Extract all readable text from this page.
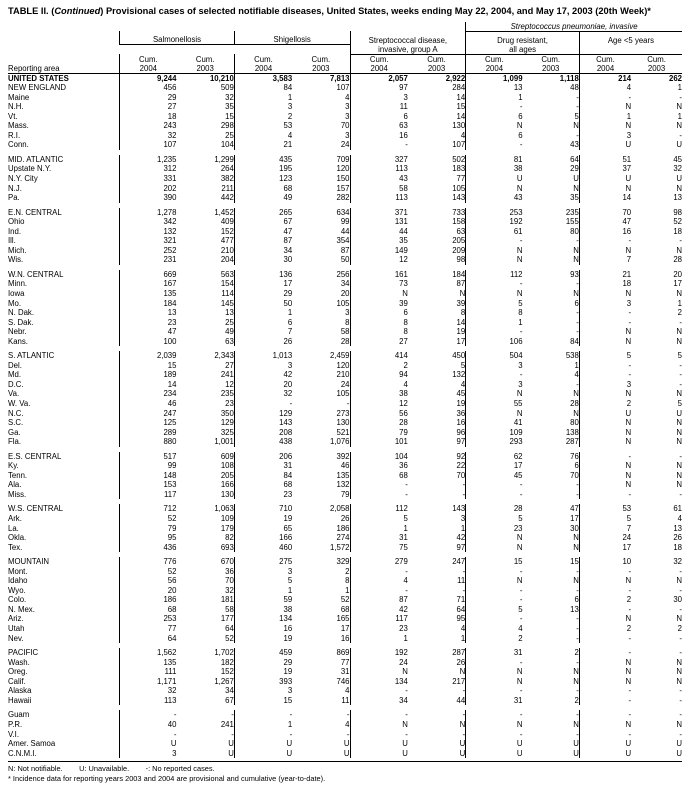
TABLE II. (Continued) Provisional cases of selected notifiable diseases, United States, weeks ending May 22, 2004, and May 17, 2003 (20th Week)*
							Streptococcus pneumoniae, invasive			
	Salmonellosis		Shigellosis		Streptococcal disease,		Drug resistant,		Age <5 years	
					invasive, group A		all ages			
	Cum.	Cum.	Cum.	Cum.	Cum.	Cum.	Cum.	Cum.	Cum.	Cum.
Reporting area	2004	2003	2004	2003	2004	2003	2004	2003	2004	2003
UNITED STATES	9,244	10,210	3,583	7,813	2,057	2,922	1,099	1,118	214	262
NEW ENGLAND	456	509	84	107	97	284	13	48	4	1
Maine	29	32	1	4	3	14	1	-	-	-
N.H.	27	35	3	3	11	15	-	-	N	N
Vt.	18	15	2	3	6	14	6	5	1	1
Mass.	243	298	53	70	63	130	N	N	N	N
R.I.	32	25	4	3	16	4	6	-	3	-
Conn.	107	104	21	24	-	107	-	43	U	U

MID. ATLANTIC	1,235	1,299	435	709	327	502	81	64	51	45
Upstate N.Y.	312	264	195	120	113	183	38	29	37	32
N.Y. City	331	382	123	150	43	77	U	U	U	U
N.J.	202	211	68	157	58	105	N	N	N	N
Pa.	390	442	49	282	113	143	43	35	14	13

E.N. CENTRAL	1,278	1,452	265	634	371	733	253	235	70	98
Ohio	342	409	67	99	131	158	192	155	47	52
Ind.	132	152	47	44	44	63	61	80	16	18
Ill.	321	477	87	354	35	205	-	-	-	-
Mich.	252	210	34	87	149	209	N	N	N	N
Wis.	231	204	30	50	12	98	N	N	7	28

W.N. CENTRAL	669	563	136	256	161	184	112	93	21	20
Minn.	167	154	17	34	73	87	-	-	18	17
Iowa	135	114	29	20	N	N	N	N	N	N
Mo.	184	145	50	105	39	39	5	6	3	1
N. Dak.	13	13	1	3	6	8	8	-	-	2
S. Dak.	23	25	6	8	8	14	1	-	-	-
Nebr.	47	49	7	58	8	19	-	-	N	N
Kans.	100	63	26	28	27	17	106	84	N	N

S. ATLANTIC	2,039	2,343	1,013	2,459	414	450	504	538	5	5
Del.	15	27	3	120	2	5	3	1	-	-
Md.	189	241	42	210	94	132	-	4	-	-
D.C.	14	12	20	24	4	4	3	-	3	-
Va.	234	235	32	105	38	45	N	N	N	N
W. Va.	46	23	-	-	12	19	55	28	2	5
N.C.	247	350	129	273	56	36	N	N	U	U
S.C.	125	129	143	130	28	16	41	80	N	N
Ga.	289	325	208	521	79	96	109	138	N	N
Fla.	880	1,001	438	1,076	101	97	293	287	N	N

E.S. CENTRAL	517	609	206	392	104	92	62	76	-	-
Ky.	99	108	31	46	36	22	17	6	N	N
Tenn.	148	205	84	135	68	70	45	70	N	N
Ala.	153	166	68	132	-	-	-	-	N	N
Miss.	117	130	23	79	-	-	-	-	-	-

W.S. CENTRAL	712	1,063	710	2,058	112	143	28	47	53	61
Ark.	52	109	19	26	5	3	5	17	5	4
La.	79	179	65	186	1	1	23	30	7	13
Okla.	95	82	166	274	31	42	N	N	24	26
Tex.	436	693	460	1,572	75	97	N	N	17	18

MOUNTAIN	776	670	275	329	279	247	15	15	10	32
Mont.	52	36	3	2	-	-	-	-	-	-
Idaho	56	70	5	8	4	11	N	N	N	N
Wyo.	20	32	1	1	-	-	-	-	-	-
Colo.	186	181	59	52	87	71	-	6	2	30
N. Mex.	68	58	38	68	42	64	5	13	-	-
Ariz.	253	177	134	165	117	95	-	-	N	N
Utah	77	64	16	17	23	4	4	-	2	2
Nev.	64	52	19	16	1	1	2	-	-	-

PACIFIC	1,562	1,702	459	869	192	287	31	2	-	-
Wash.	135	182	29	77	24	26	-	-	N	N
Oreg.	111	152	19	31	N	N	N	N	N	N
Calif.	1,171	1,267	393	746	134	217	N	N	N	N
Alaska	32	34	3	4	-	-	-	-	-	-
Hawaii	113	67	15	11	34	44	31	2	-	-

Guam	-	-	-	-	-	-	-	-	-	-
P.R.	40	241	1	4	N	N	N	N	N	N
V.I.	-	-	-	-	-	-	-	-	-	-
Amer. Samoa	U	U	U	U	U	U	U	U	U	U
C.N.M.I.	3	U	U	U	U	U	U	U	U	U
N: Not notifiable.        U: Unavailable.        -: No reported cases.
* Incidence data for reporting years 2003 and 2004 are provisional and cumulative (year-to-date).
